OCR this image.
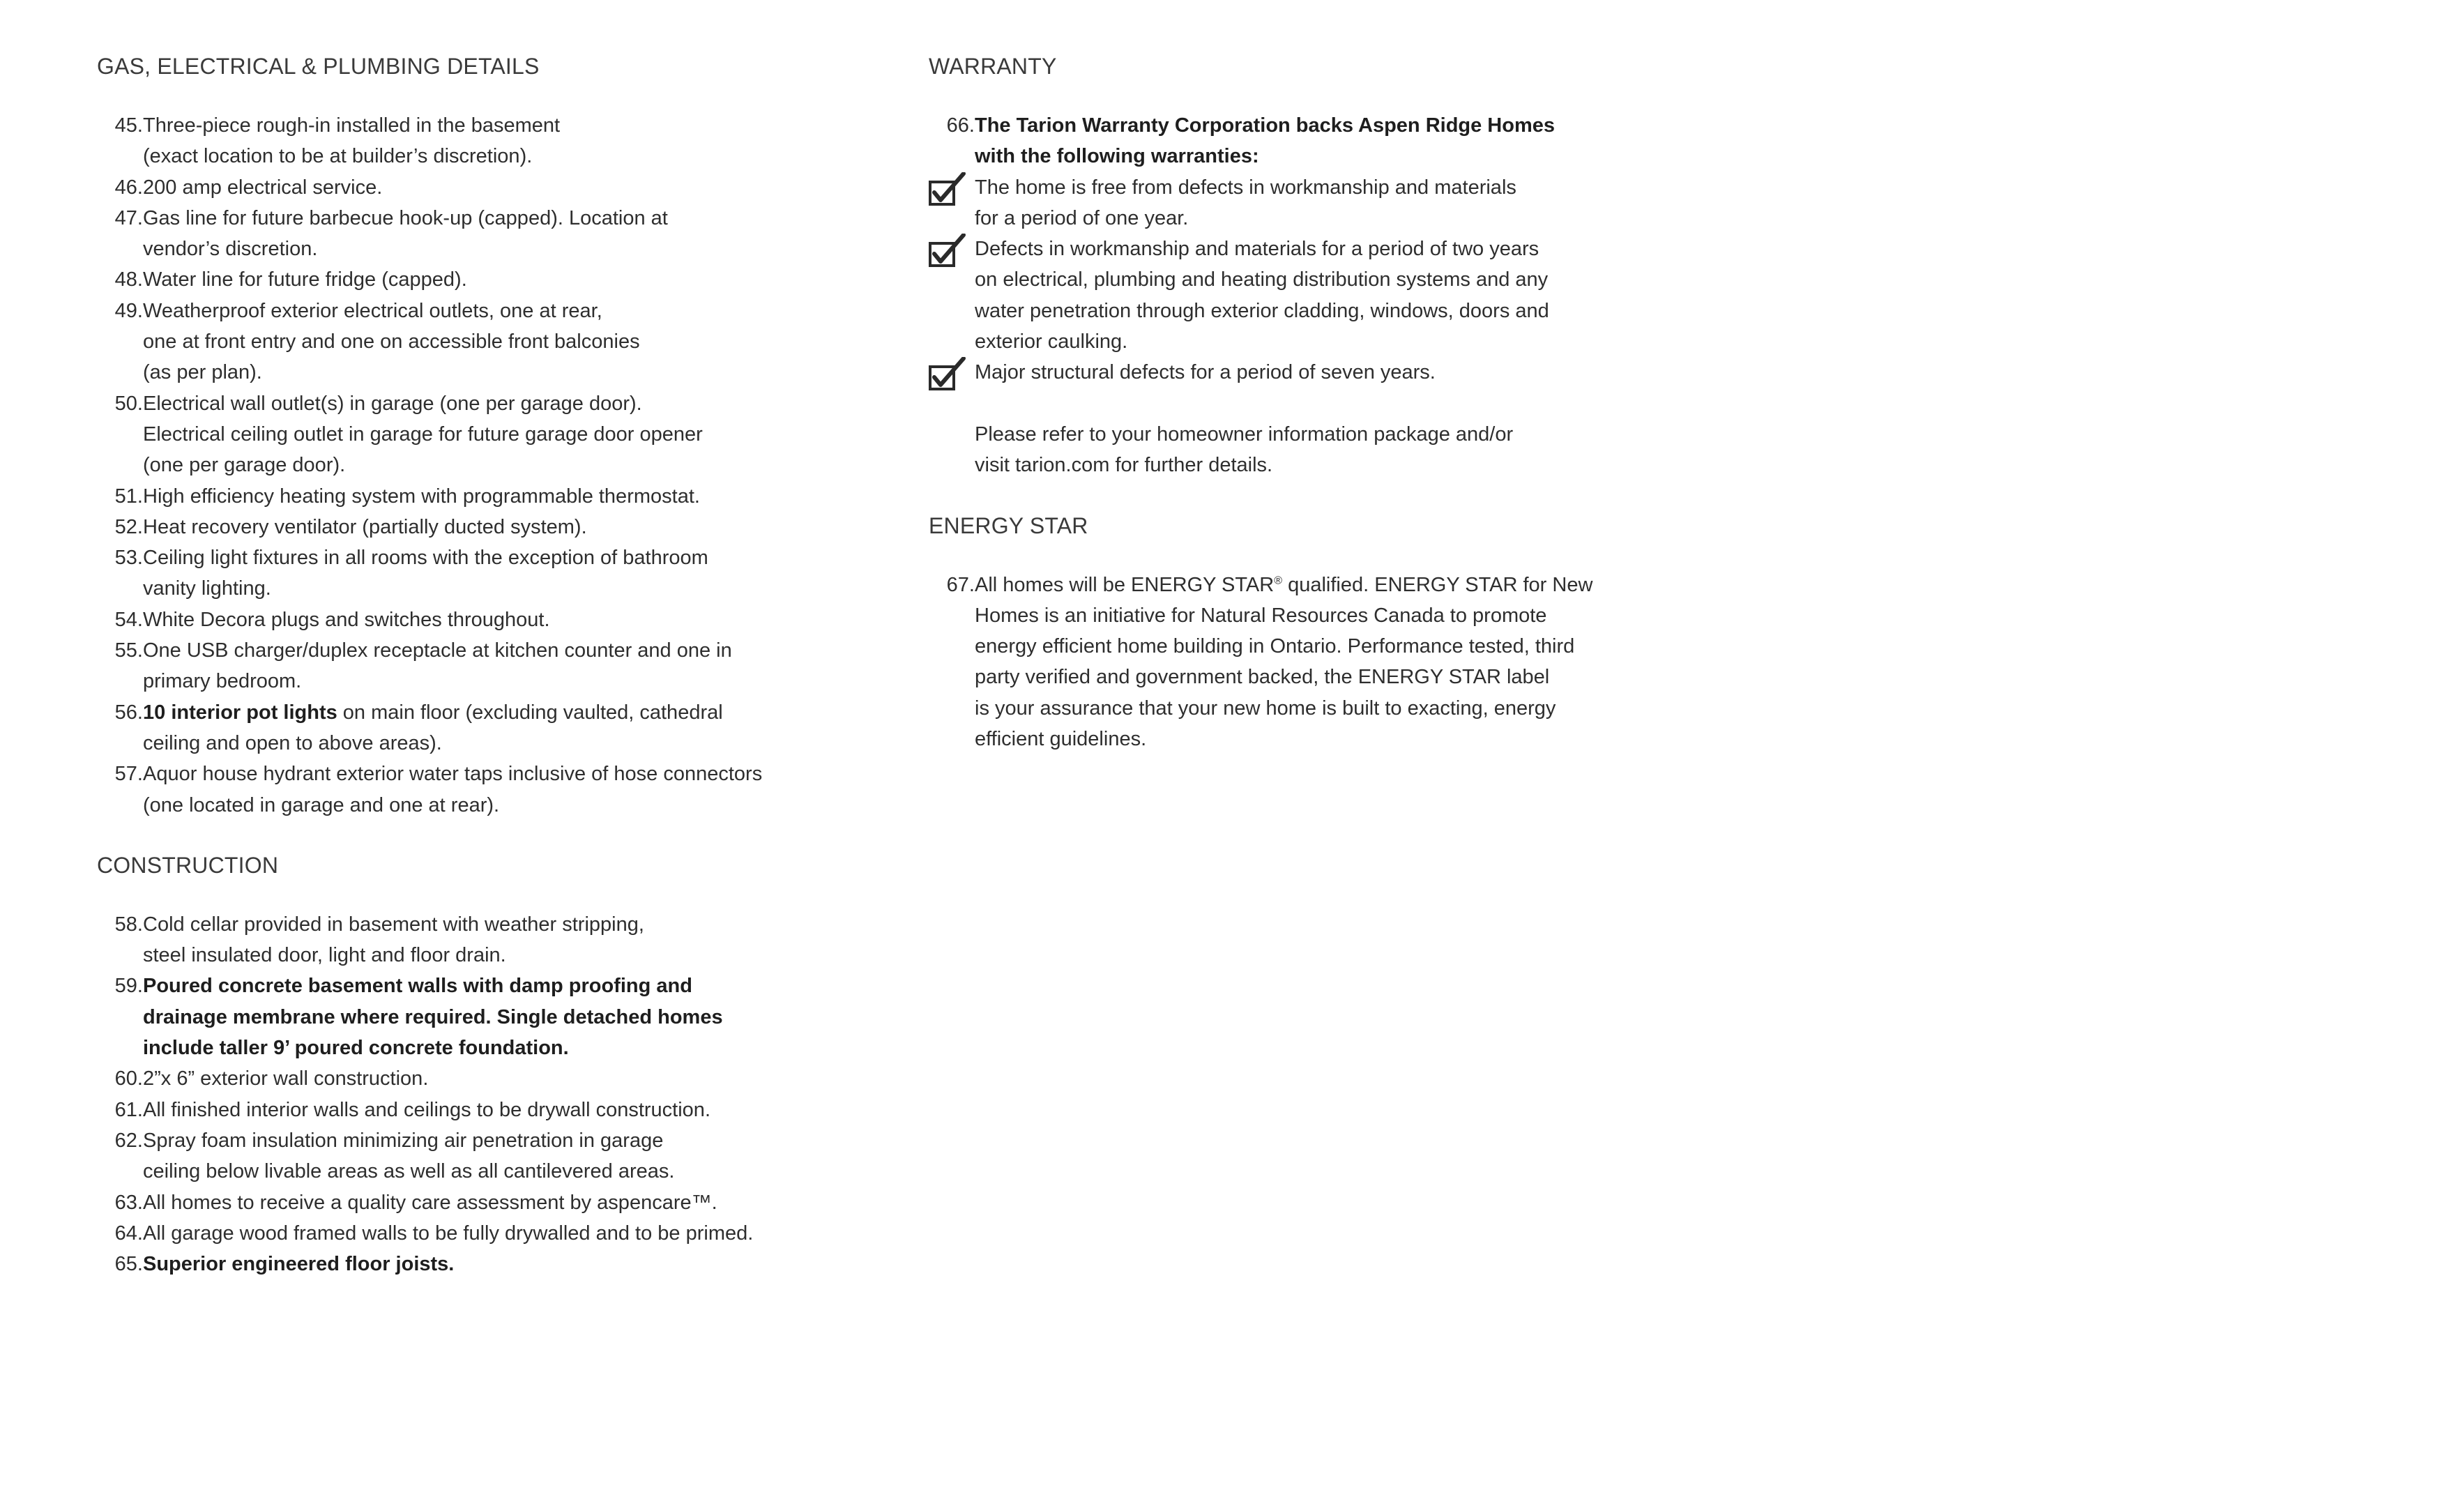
GAS, ELECTRICAL & PLUMBING DETAILS
45. Three-piece rough-in installed in the basement
(exact location to be at builder’s discretion).
46. 200 amp electrical service.
47. Gas line for future barbecue hook-up (capped). Location at
vendor’s discretion.
48. Water line for future fridge (capped).
49. Weatherproof exterior electrical outlets, one at rear,
one at front entry and one on accessible front balconies
(as per plan).
50. Electrical wall outlet(s) in garage (one per garage door).
Electrical ceiling outlet in garage for future garage door opener
(one per garage door).
51. High efficiency heating system with programmable thermostat.
52. Heat recovery ventilator (partially ducted system).
53. Ceiling light fixtures in all rooms with the exception of bathroom
vanity lighting.
54. White Decora plugs and switches throughout.
55. One USB charger/duplex receptacle at kitchen counter and one in
primary bedroom.
56. 10 interior pot lights on main floor (excluding vaulted, cathedral
ceiling and open to above areas).
57. Aquor house hydrant exterior water taps inclusive of hose connectors
(one located in garage and one at rear).
CONSTRUCTION
58. Cold cellar provided in basement with weather stripping,
steel insulated door, light and floor drain.
59. Poured concrete basement walls with damp proofing and
drainage membrane where required. Single detached homes
include taller 9’ poured concrete foundation.
60. 2”x 6” exterior wall construction.
61. All finished interior walls and ceilings to be drywall construction.
62. Spray foam insulation minimizing air penetration in garage
ceiling below livable areas as well as all cantilevered areas.
63. All homes to receive a quality care assessment by aspencare™.
64. All garage wood framed walls to be fully drywalled and to be primed.
65. Superior engineered floor joists.
WARRANTY
66. The Tarion Warranty Corporation backs Aspen Ridge Homes
with the following warranties:
The home is free from defects in workmanship and materials
for a period of one year.
Defects in workmanship and materials for a period of two years
on electrical, plumbing and heating distribution systems and any
water penetration through exterior cladding, windows, doors and
exterior caulking.
Major structural defects for a period of seven years.
Please refer to your homeowner information package and/or
visit tarion.com for further details.
ENERGY STAR
67. All homes will be ENERGY STAR® qualified. ENERGY STAR for New
Homes is an initiative for Natural Resources Canada to promote
energy efficient home building in Ontario. Performance tested, third
party verified and government backed, the ENERGY STAR label
is your assurance that your new home is built to exacting, energy
efficient guidelines.
